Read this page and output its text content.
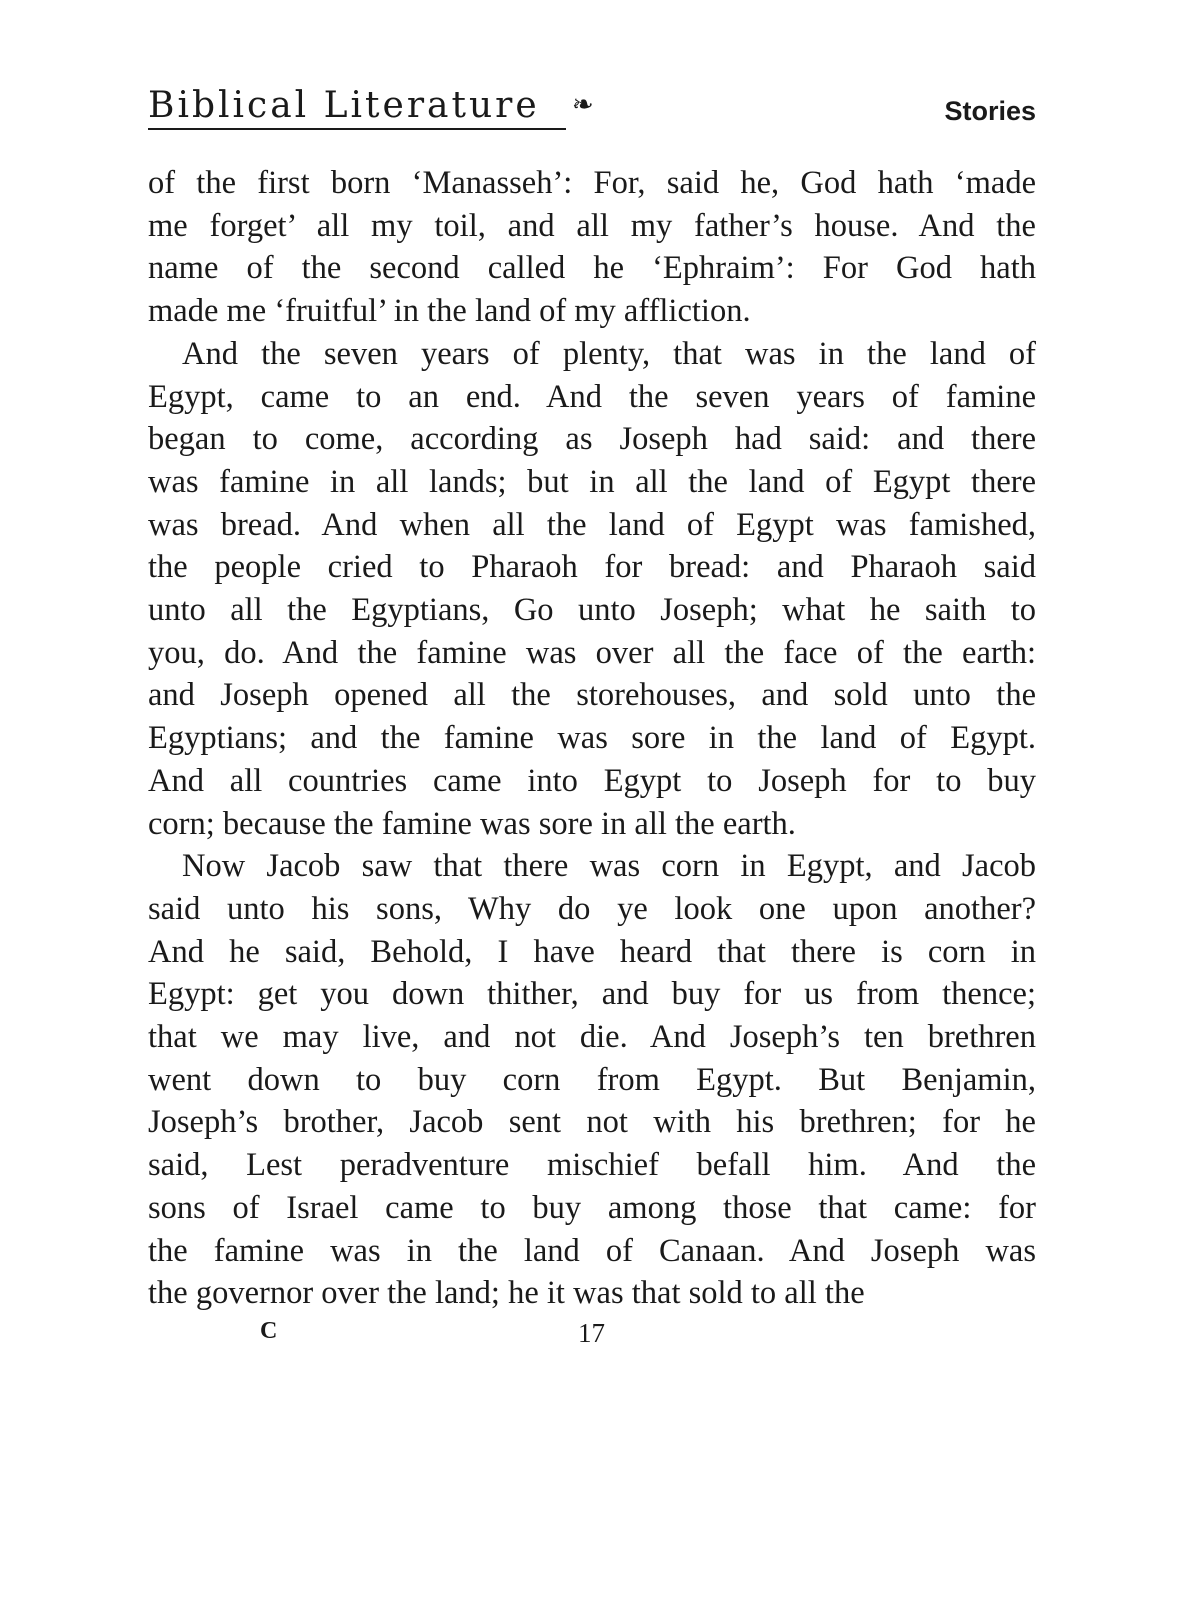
Biblical Literature ❧	Stories

of the first born ‘Manasseh’: For, said he, God hath ‘made
me forget’ all my toil, and all my father’s house. And the
name of the second called he ‘Ephraim’: For God hath
made me ‘fruitful’ in the land of my affliction.

And the seven years of plenty, that was in the land of
Egypt, came to an end. And the seven years of famine
began to come, according as Joseph had said: and there
was famine in all lands; but in all the land of Egypt there
was bread. And when all the land of Egypt was famished,
the people cried to Pharaoh for bread: and Pharaoh said
unto all the Egyptians, Go unto Joseph; what he saith to
you, do. And the famine was over all the face of the earth:
and Joseph opened all the storehouses, and sold unto the
Egyptians; and the famine was sore in the land of Egypt.
And all countries came into Egypt to Joseph for to buy
corn; because the famine was sore in all the earth.

Now Jacob saw that there was corn in Egypt, and Jacob
said unto his sons, Why do ye look one upon another?
And he said, Behold, I have heard that there is corn in
Egypt: get you down thither, and buy for us from thence;
that we may live, and not die. And Joseph’s ten brethren
went down to buy corn from Egypt. But Benjamin,
Joseph’s brother, Jacob sent not with his brethren; for he
said, Lest peradventure mischief befall him. And the
sons of Israel came to buy among those that came: for
the famine was in the land of Canaan. And Joseph was
the governor over the land; he it was that sold to all the

C	17
